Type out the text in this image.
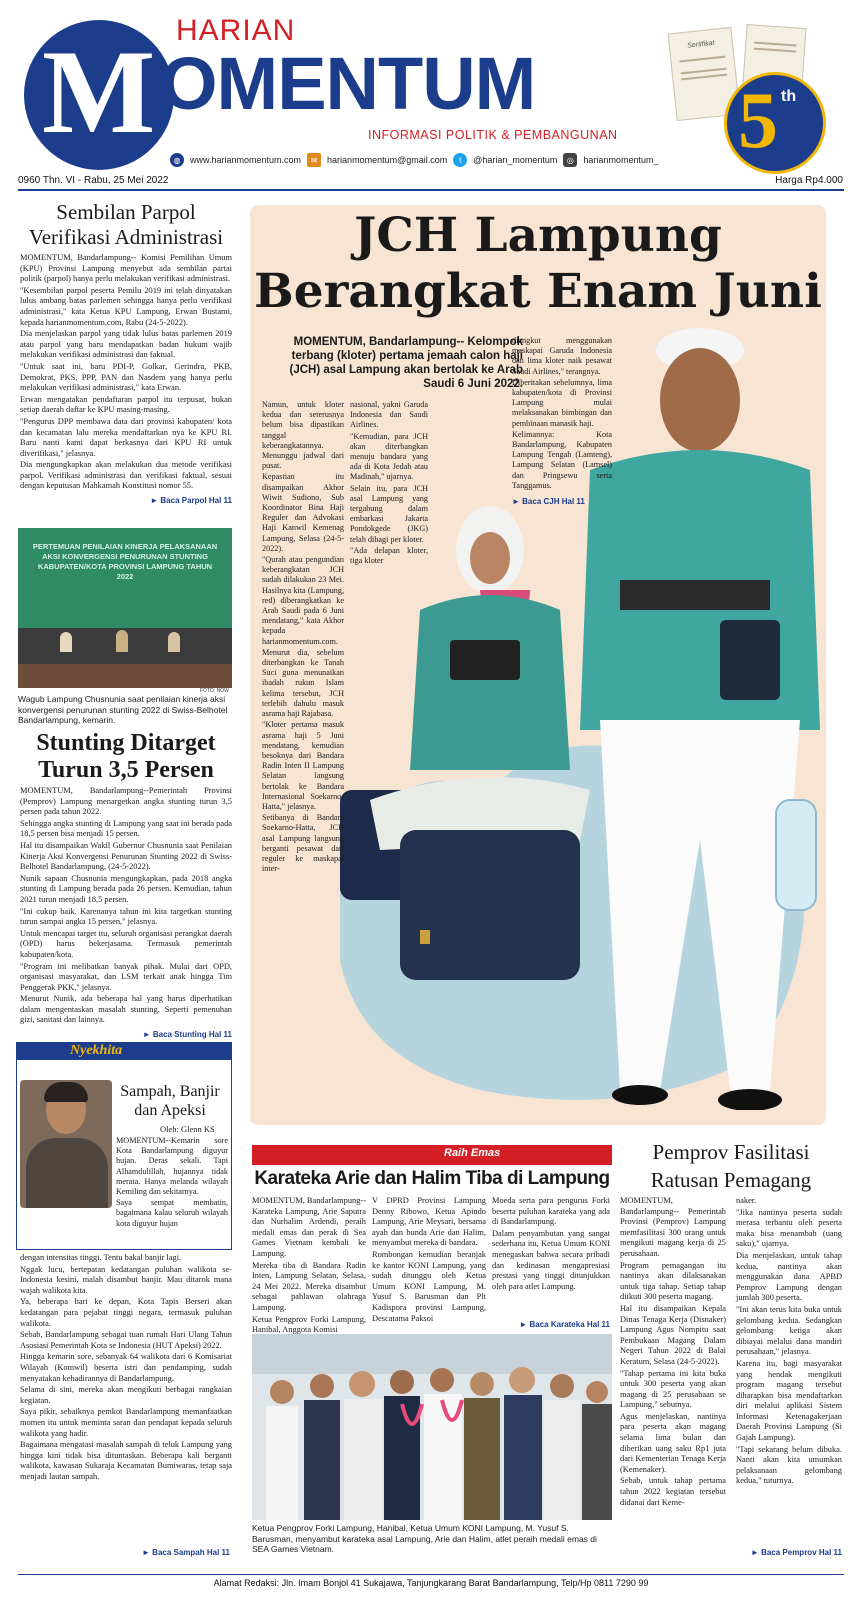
M HARIAN
OMENTUM
INFORMASI POLITIK & PEMBANGUNAN
◍	www.harianmomentum.com	✉	harianmomentum@gmail.com	t	@harian_momentum	◎	harianmomentum_
Sertifikat
5 th
0960 Thn. VI - Rabu, 25 Mei 2022	Harga Rp4.000
Sembilan Parpol
Verifikasi Administrasi

MOMENTUM, Bandarlampung-- Komisi Pemilihan Umum (KPU) Provinsi Lampung menyebut ada sembilan partai politik (parpol) hanya perlu melakukan verifikasi administrasi.

"Kesembilan parpol peserta Pemilu 2019 ini telah dinyatakan lulus ambang batas parlemen sehingga hanya perlu verifikasi administrasi," kata Ketua KPU Lampung, Erwan Bustami, kepada harianmomentum.com, Rabu (24-5-2022).

Dia menjelaskan parpol yang tidak lulus batas parlemen 2019 atau parpol yang baru mendapatkan badan hukum wajib melakukan verifikasi administrasi dan faktual.

"Untuk saat ini, baru PDI-P, Golkar, Gerindra, PKB, Demokrat, PKS, PPP, PAN dan Nasdem yang hanya perlu melakukan verifikasi administrasi," kata Erwan.

Erwan mengatakan pendaftaran parpol itu terpusat, bukan setiap daerah daftar ke KPU masing-masing.

"Pengurus DPP membawa data dari provinsi kabupaten/ kota dan kecamatan lalu mereka mendaftarkan nya ke KPU RI. Baru nanti kami dapat berkasnya dari KPU RI untuk diverifikasi," jelasnya.

Dia mengungkapkan akan melakukan dua metode verifikasi parpol. Verifikasi administrasi dan verifikasi faktual, sesuai dengan keputusan Mahkamah Konstitusi nomor 55.

► Baca Parpol Hal 11
PERTEMUAN PENILAIAN KINERJA PELAKSANAAN AKSI KONVERGENSI PENURUNAN STUNTING KABUPATEN/KOTA PROVINSI LAMPUNG TAHUN 2022
FOTO: NOW
Wagub Lampung Chusnunia saat penilaian kinerja aksi konvergensi penurunan stunting 2022 di Swiss-Belhotel Bandarlampung, kemarin.
Stunting Ditarget
Turun 3,5 Persen

MOMENTUM, Bandarlampung--Pemerintah Provinsi (Pemprov) Lampung menargetkan angka stunting turun 3,5 persen pada tahun 2022.

Sehingga angka stunting di Lampung yang saat ini berada pada 18,5 persen bisa menjadi 15 persen.

Hal itu disampaikan Wakil Gubernur Chusnunia saat Penilaian Kinerja Aksi Konvergensi Penurunan Stunting 2022 di Swiss-Belhotel Bandarlampung, (24-5-2022).

Nunik sapaan Chusnunia mengungkapkan, pada 2018 angka stunting di Lampung berada pada 26 persen. Kemudian, tahun 2021 turun menjadi 18,5 persen.

"Ini cukup baik. Karenanya tahun ini kita targetkan stunting turun sampai angka 15 persen," jelasnya.

Untuk mencapai target itu, seluruh organisasi perangkat daerah (OPD) harus bekerjasama. Termasuk pemerintah kabupaten/kota.

"Program ini melibatkan banyak pihak. Mulai dari OPD, organisasi masyarakat, dan LSM terkait anak hingga Tim Penggerak PKK," jelasnya.

Menurut Nunik, ada beberapa hal yang harus diperhatikan dalam mengentaskan masalah stunting. Seperti pemenuhan gizi, sanitasi dan lainnya.

► Baca Stunting Hal 11
Nyekhita
Sampah, Banjir
dan Apeksi
Oleh: Glenn KS

MOMENTUM--Kemarin sore Kota Bandarlampung diguyur hujan. Deras sekali. Tapi Alhamdulillah, hujannya tidak merata. Hanya melanda wilayah Kemiling dan sekitarnya.

Saya sempat membatin, bagaimana kalau seluruh wilayah kota diguyur hujan

dengan intensitas tinggi. Tentu bakal banjir lagi.

Nggak lucu, bertepatan kedatangan puluhan walikota se-Indonesia kesini, malah disambut banjir. Mau ditarok mana wajah walikota kita.

Ya, beberapa hari ke depan, Kota Tapis Berseri akan kedatangan para pejabat tinggi negara, termasuk puluhan walikota.

Sebab, Bandarlampung sebagai tuan rumah Hari Ulang Tahun Asosiasi Pemerintah Kota se Indonesia (HUT Apeksi) 2022.

Hingga kemarin sore, sebanyak 64 walikota dari 6 Komisariat Wilayah (Komwil) beserta istri dan pendamping, sudah menyatakan kehadirannya di Bandarlampung.

Selama di sini, mereka akan mengikuti berbagai rangkaian kegiatan.

Saya pikir, sebaiknya pemkot Bandarlampung memanfaatkan momen itu untuk meminta saran dan pendapat kepada seluruh walikota yang hadir.

Bagaimana mengatasi masalah sampah di teluk Lampung yang hingga kini tidak bisa dituntaskan. Beberapa kali berganti walikota, kawasan Sukaraja Kecamatan Bumiwaras, tetap saja menjadi lautan sampah.

► Baca Sampah Hal 11
JCH Lampung
Berangkat Enam Juni
MOMENTUM, Bandarlampung-- Kelompok terbang (kloter) pertama jemaah calon haji (JCH) asal Lampung akan bertolak ke Arab Saudi 6 Juni 2022.

Namun, untuk kloter kedua dan seterusnya belum bisa dipastikan tanggal keberangkatannya. Menunggu jadwal dari pusat.

Kepastian itu disampaikan Akhor Wiwit Sudiono, Sub Koordinator Bina Haji Reguler dan Advokasi Haji Kanwil Kemenag Lampung, Selasa (24-5-2022).

"Qurah atau pengundian keberangkatan JCH sudah dilakukan 23 Mei. Hasilnya kita (Lampung, red) diberangkatkan ke Arab Saudi pada 6 Juni mendatang," kata Akhor kepada harianmomentum.com.

Menurut dia, sebelum diterbangkan ke Tanah Suci guna menunaikan ibadah rukun Islam kelima tersebut, JCH terlebih dahulu masuk asrama haji Rajabasa.

"Kloter pertama masuk asrama haji 5 Juni mendatang, kemudian besoknya dari Bandara Radin Inten II Lampung Selatan langsung bertolak ke Bandara Internasional Soekarno-Hatta," jelasnya.

Setibanya di Bandara Soekarno-Hatta, JCH asal Lampung langsung berganti pesawat dari reguler ke maskapai inter-

nasional, yakni Garuda Indonesia dan Saudi Airlines.

"Kemudian, para JCH akan diterbangkan menuju bandara yang ada di Kota Jedah atau Madinah," ujarnya.

Selain itu, para JCH asal Lampung yang tergabung dalam embarkasi Jakarta Pondokgede (JKG) telah dibagi per kloter.

"Ada delapan kloter, tiga kloter

diangkut menggunakan maskapai Garuda Indonesia dan lima kloter naik pesawat Saudi Airlines," terangnya.

Diberitakan sebelumnya, lima kabupaten/kota di Provinsi Lampung mulai melaksanakan bimbingan dan pembinaan manasik haji.

Kelimannya: Kota Bandarlampung, Kabupaten Lampung Tengah (Lamteng), Lampung Selatan (Lamsel) dan Pringsewu serta Tanggamus.

► Baca CJH Hal 11
Raih Emas
Karateka Arie dan Halim Tiba di Lampung

MOMENTUM, Bandarlampung--Karateka Lampung, Arie Saputra dan Nurhalim Ardendi, peraih medali emas dan perak di Sea Games Vietnam kembali ke Lampung.

Mereka tiba di Bandara Radin Inten, Lampung Selatan, Selasa, 24 Mei 2022. Mereka disambut sebagai pahlawan olahraga Lampung.

Ketua Pengprov Forki Lampung, Hanibal, Anggota Komisi

V DPRD Provinsi Lampung Denny Ribowo, Ketua Apindo Lampung, Arie Meysari, bersama ayah dan bunda Arie dan Halim, menyambut mereka di bandara.

Rombongan kemudian beranjak ke kantor KONI Lampung, yang sudah ditunggu oleh Ketua Umum KONI Lampung, M. Yusuf S. Barusman dan Plt Kadispora provinsi Lampung, Descatama Paksoi

Moeda serta para pengurus Forki beserta puluhan karateka yang ada di Bandarlampung.

Dalam penyambutan yang sangat sederhana itu, Ketua Umum KONI menegaskan bahwa secara pribadi dan kedinasan mengapresiasi prestasi yang tinggi ditunjukkan oleh para atlet Lampung.

► Baca Karateka Hal 11
Ketua Pengprov Forki Lampung, Hanibal, Ketua Umum KONI Lampung, M. Yusuf S. Barusman, menyambut karateka asal Lampung, Arie dan Halim, atlet peraih medali emas di SEA Games Vietnam.
Pemprov Fasilitasi
Ratusan Pemagang

MOMENTUM, Bandarlampung-- Pemerintah Provinsi (Pemprov) Lampung memfasilitasi 300 orang untuk mengikuti magang kerja di 25 perusahaan.

Program pemagangan itu nantinya akan dilaksanakan untuk tiga tahap. Setiap tahap diikuti 300 peserta magang.

Hal itu disampaikan Kepala Dinas Tenaga Kerja (Disnaker) Lampung Agus Nompitu saat Pembukaan Magang Dalam Negeri Tahun 2022 di Balai Keratum, Selasa (24-5-2022).

"Tahap pertama ini kita buka untuk 300 peserta yang akan magang di 25 perusahaan se Lampung," sebutnya.

Agus menjelaskan, nantinya para peserta akan magang selama lima bulan dan diberikan uang saku Rp1 juta dari Kementerian Tenaga Kerja (Kemenaker).

Sebab, untuk tahap pertama tahun 2022 kegiatan tersebut didanai dari Keme-

naker.

"Jika nantinya peserta sudah merasa terbantu oleh peserta maka bisa menambah (uang saku)," ujarnya.

Dia menjelaskan, untuk tahap kedua, nantinya akan menggunakan dana APBD Pemprov Lampung dengan jumlah 300 peserta.

"Ini akan terus kita buka untuk gelombang kedua. Sedangkan gelombang ketiga akan dibiayai melalui dana mandiri perusahaan," jelasnya.

Karena itu, bagi masyarakat yang hendak mengikuti program magang tersebut diharapkan bisa mendaftarkan diri melalui aplikasi Sistem Informasi Ketenagakerjaan Daerah Provinsi Lampung (Si Gajah Lampung).

"Tapi sekarang belum dibuka. Nanti akan kita umumkan pelaksanaan gelombang kedua," tuturnya.

► Baca Pemprov Hal 11
Alamat Redaksi: Jln. Imam Bonjol 41 Sukajawa, Tanjungkarang Barat Bandarlampung, Telp/Hp 0811 7290 99
